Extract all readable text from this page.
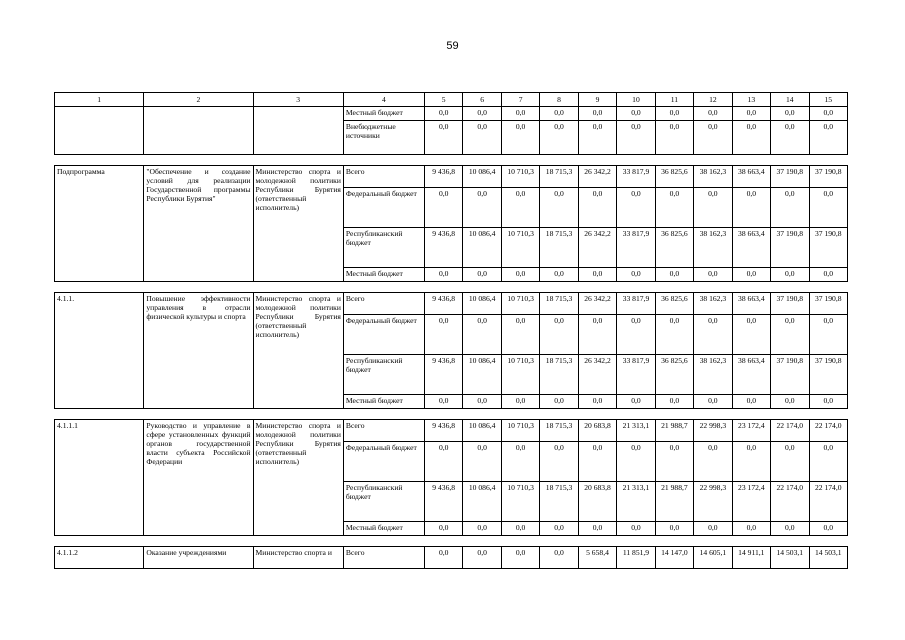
59
1	2	3	4	5	6	7	8	9	10	11	12	13	14	15
			Местный бюджет	0,0	0,0	0,0	0,0	0,0	0,0	0,0	0,0	0,0	0,0	0,0
			Внебюджетные источники	0,0	0,0	0,0	0,0	0,0	0,0	0,0	0,0	0,0	0,0	0,0

Подпрограмма	"Обеспечение и создание условий для реализации Государственной программы Республики Бурятия"	Министерство спорта и молодежной политики Республики Бурятия (ответственный исполнитель)	Всего	9 436,8	10 086,4	10 710,3	18 715,3	26 342,2	33 817,9	36 825,6	38 162,3	38 663,4	37 190,8	37 190,8
			Федеральный бюджет	0,0	0,0	0,0	0,0	0,0	0,0	0,0	0,0	0,0	0,0	0,0
			Республиканский бюджет	9 436,8	10 086,4	10 710,3	18 715,3	26 342,2	33 817,9	36 825,6	38 162,3	38 663,4	37 190,8	37 190,8
			Местный бюджет	0,0	0,0	0,0	0,0	0,0	0,0	0,0	0,0	0,0	0,0	0,0

4.1.1.	Повышение эффективности управления в отрасли физической культуры и спорта	Министерство спорта и молодежной политики Республики Бурятия (ответственный исполнитель)	Всего	9 436,8	10 086,4	10 710,3	18 715,3	26 342,2	33 817,9	36 825,6	38 162,3	38 663,4	37 190,8	37 190,8
			Федеральный бюджет	0,0	0,0	0,0	0,0	0,0	0,0	0,0	0,0	0,0	0,0	0,0
			Республиканский бюджет	9 436,8	10 086,4	10 710,3	18 715,3	26 342,2	33 817,9	36 825,6	38 162,3	38 663,4	37 190,8	37 190,8
			Местный бюджет	0,0	0,0	0,0	0,0	0,0	0,0	0,0	0,0	0,0	0,0	0,0

4.1.1.1	Руководство и управление в сфере установленных функций органов государственной власти субъекта Российской Федерации	Министерство спорта и молодежной политики Республики Бурятия (ответственный исполнитель)	Всего	9 436,8	10 086,4	10 710,3	18 715,3	20 683,8	21 313,1	21 988,7	22 998,3	23 172,4	22 174,0	22 174,0
			Федеральный бюджет	0,0	0,0	0,0	0,0	0,0	0,0	0,0	0,0	0,0	0,0	0,0
			Республиканский бюджет	9 436,8	10 086,4	10 710,3	18 715,3	20 683,8	21 313,1	21 988,7	22 998,3	23 172,4	22 174,0	22 174,0
			Местный бюджет	0,0	0,0	0,0	0,0	0,0	0,0	0,0	0,0	0,0	0,0	0,0

4.1.1.2	Оказание учреждениями	Министерство спорта и	Всего	0,0	0,0	0,0	0,0	5 658,4	11 851,9	14 147,0	14 605,1	14 911,1	14 503,1	14 503,1
